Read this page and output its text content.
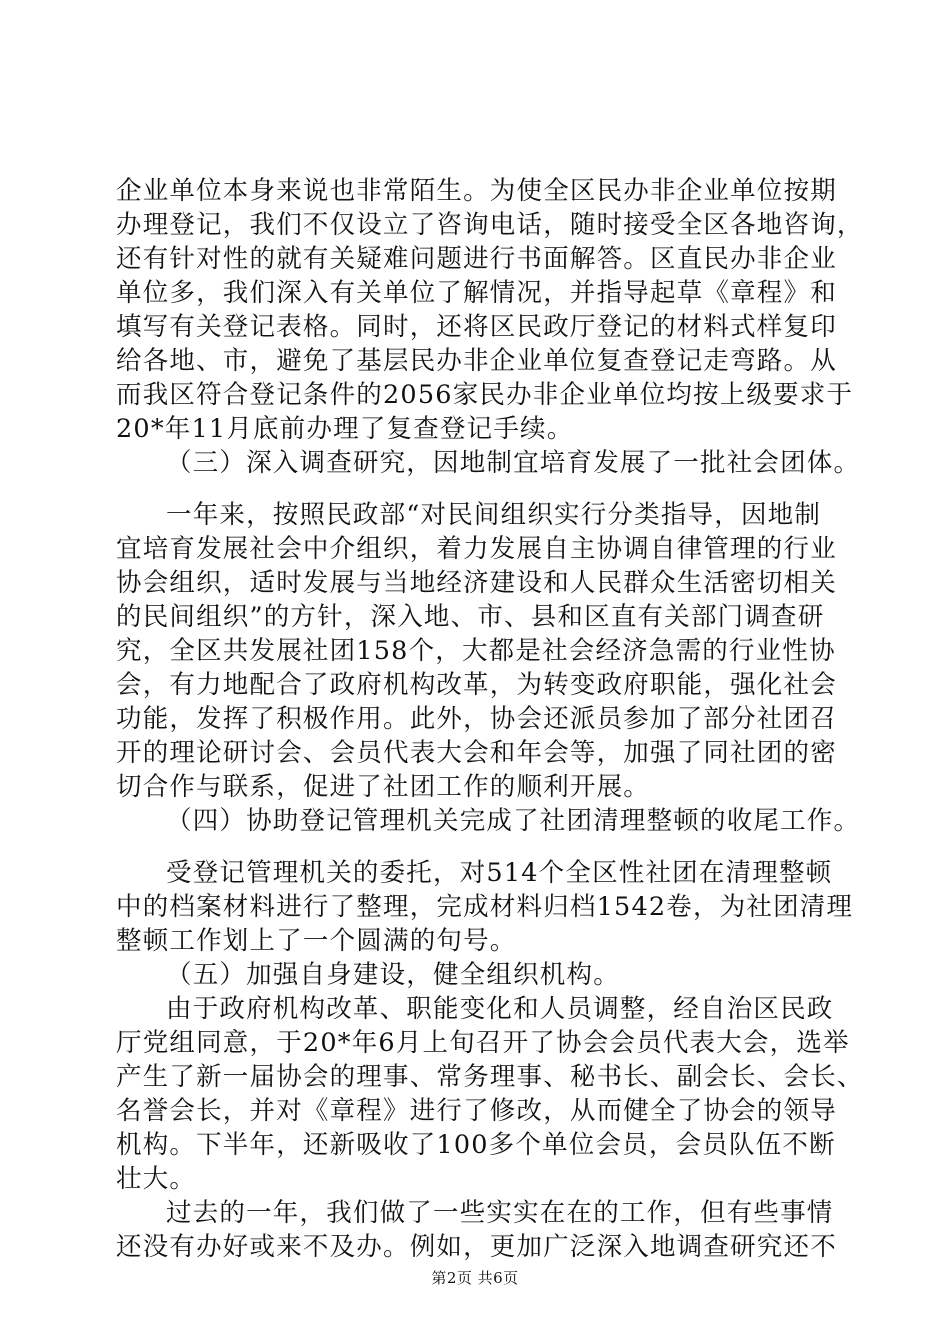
企业单位本身来说也非常陌生。为使全区民办非企业单位按期
办理登记，我们不仅设立了咨询电话，随时接受全区各地咨询，
还有针对性的就有关疑难问题进行书面解答。区直民办非企业
单位多，我们深入有关单位了解情况，并指导起草《章程》和
填写有关登记表格。同时，还将区民政厅登记的材料式样复印
给各地、市，避免了基层民办非企业单位复查登记走弯路。从
而我区符合登记条件的2056家民办非企业单位均按上级要求于
20*年11月底前办理了复查登记手续。
（三）深入调查研究，因地制宜培育发展了一批社会团体。
一年来，按照民政部“对民间组织实行分类指导，因地制
宜培育发展社会中介组织，着力发展自主协调自律管理的行业
协会组织，适时发展与当地经济建设和人民群众生活密切相关
的民间组织”的方针，深入地、市、县和区直有关部门调查研
究，全区共发展社团158个，大都是社会经济急需的行业性协
会，有力地配合了政府机构改革，为转变政府职能，强化社会
功能，发挥了积极作用。此外，协会还派员参加了部分社团召
开的理论研讨会、会员代表大会和年会等，加强了同社团的密
切合作与联系，促进了社团工作的顺利开展。
（四）协助登记管理机关完成了社团清理整顿的收尾工作。
受登记管理机关的委托，对514个全区性社团在清理整顿
中的档案材料进行了整理，完成材料归档1542卷，为社团清理
整顿工作划上了一个圆满的句号。
（五）加强自身建设，健全组织机构。
由于政府机构改革、职能变化和人员调整，经自治区民政
厅党组同意，于20*年6月上旬召开了协会会员代表大会，选举
产生了新一届协会的理事、常务理事、秘书长、副会长、会长、
名誉会长，并对《章程》进行了修改，从而健全了协会的领导
机构。下半年，还新吸收了100多个单位会员，会员队伍不断
壮大。
过去的一年，我们做了一些实实在在的工作，但有些事情
还没有办好或来不及办。例如，更加广泛深入地调查研究还不
第2页 共6页
